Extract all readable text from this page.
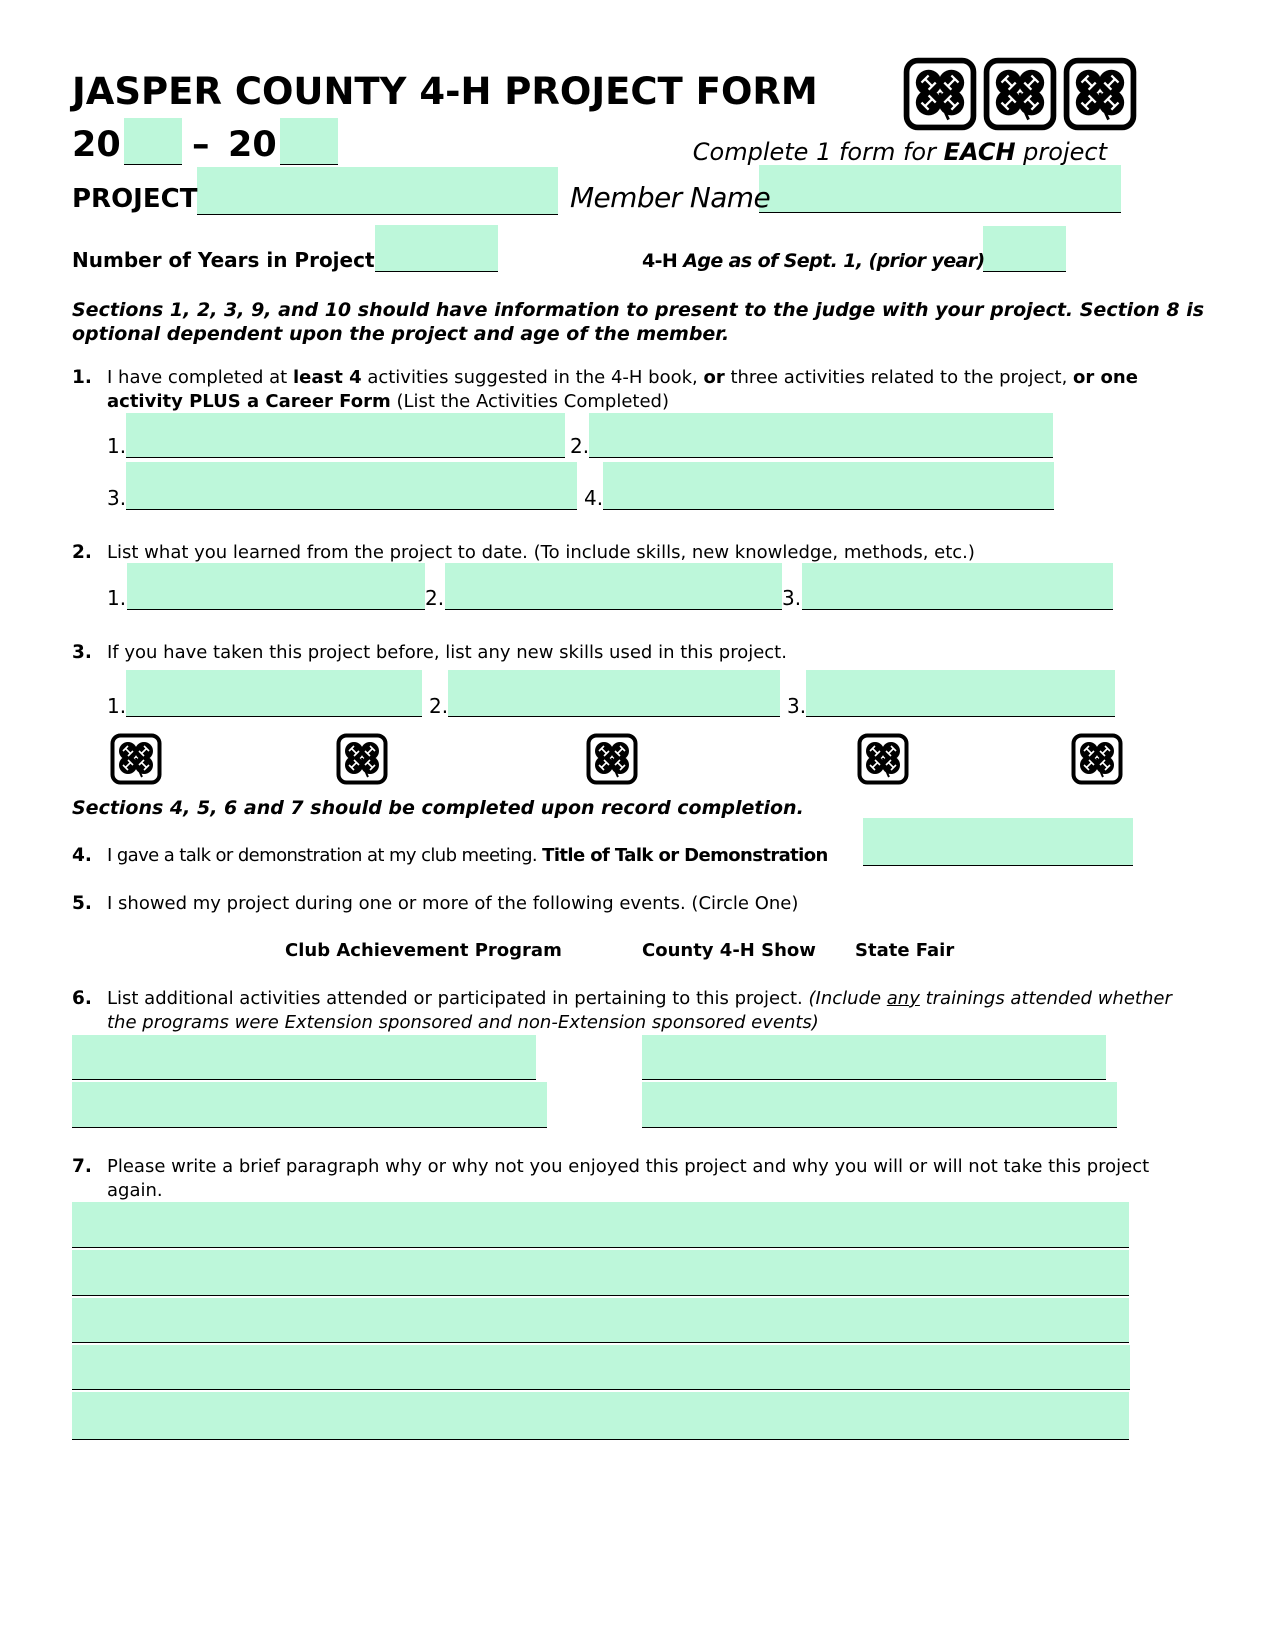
JASPER COUNTY 4-H PROJECT FORM
20 – 20	Complete 1 form for EACH project
PROJECT	Member Name
Number of Years in Project	4-H Age as of Sept. 1, (prior year)
Sections 1, 2, 3, 9, and 10 should have information to present to the judge with your project. Section 8 is
optional dependent upon the project and age of the member.
1. I have completed at least 4 activities suggested in the 4-H book, or three activities related to the project, or one
activity PLUS a Career Form (List the Activities Completed)
1.	2.
3.	4.
2. List what you learned from the project to date. (To include skills, new knowledge, methods, etc.)
1.	2.	3.
3. If you have taken this project before, list any new skills used in this project.
1.	2.	3.
Sections 4, 5, 6 and 7 should be completed upon record completion.
4. I gave a talk or demonstration at my club meeting. Title of Talk or Demonstration
5. I showed my project during one or more of the following events. (Circle One)
Club Achievement Program	County 4-H Show State Fair
6. List additional activities attended or participated in pertaining to this project. (Include any trainings attended whether
the programs were Extension sponsored and non-Extension sponsored events)
7. Please write a brief paragraph why or why not you enjoyed this project and why you will or will not take this project
again.
